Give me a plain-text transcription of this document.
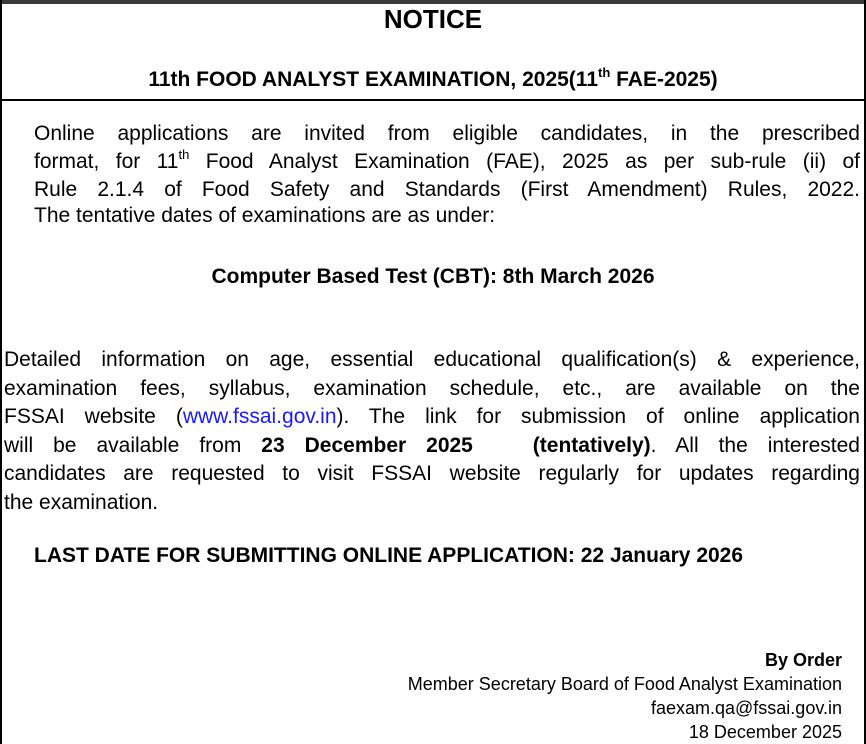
NOTICE
11th FOOD ANALYST EXAMINATION, 2025(11th FAE-2025)
Online applications are invited from eligible candidates, in the prescribed
format, for 11th Food Analyst Examination (FAE), 2025 as per sub-rule (ii) of
Rule 2.1.4 of Food Safety and Standards (First Amendment) Rules, 2022.
The tentative dates of examinations are as under:
Computer Based Test (CBT): 8th March 2026
Detailed information on age, essential educational qualification(s) & experience,
examination fees, syllabus, examination schedule, etc., are available on the
FSSAI website (www.fssai.gov.in). The link for submission of online application
will be available from 23 December 2025   (tentatively). All the interested
candidates are requested to visit FSSAI website regularly for updates regarding
the examination.
LAST DATE FOR SUBMITTING ONLINE APPLICATION: 22 January 2026
By Order
Member Secretary Board of Food Analyst Examination
faexam.qa@fssai.gov.in
18 December 2025
